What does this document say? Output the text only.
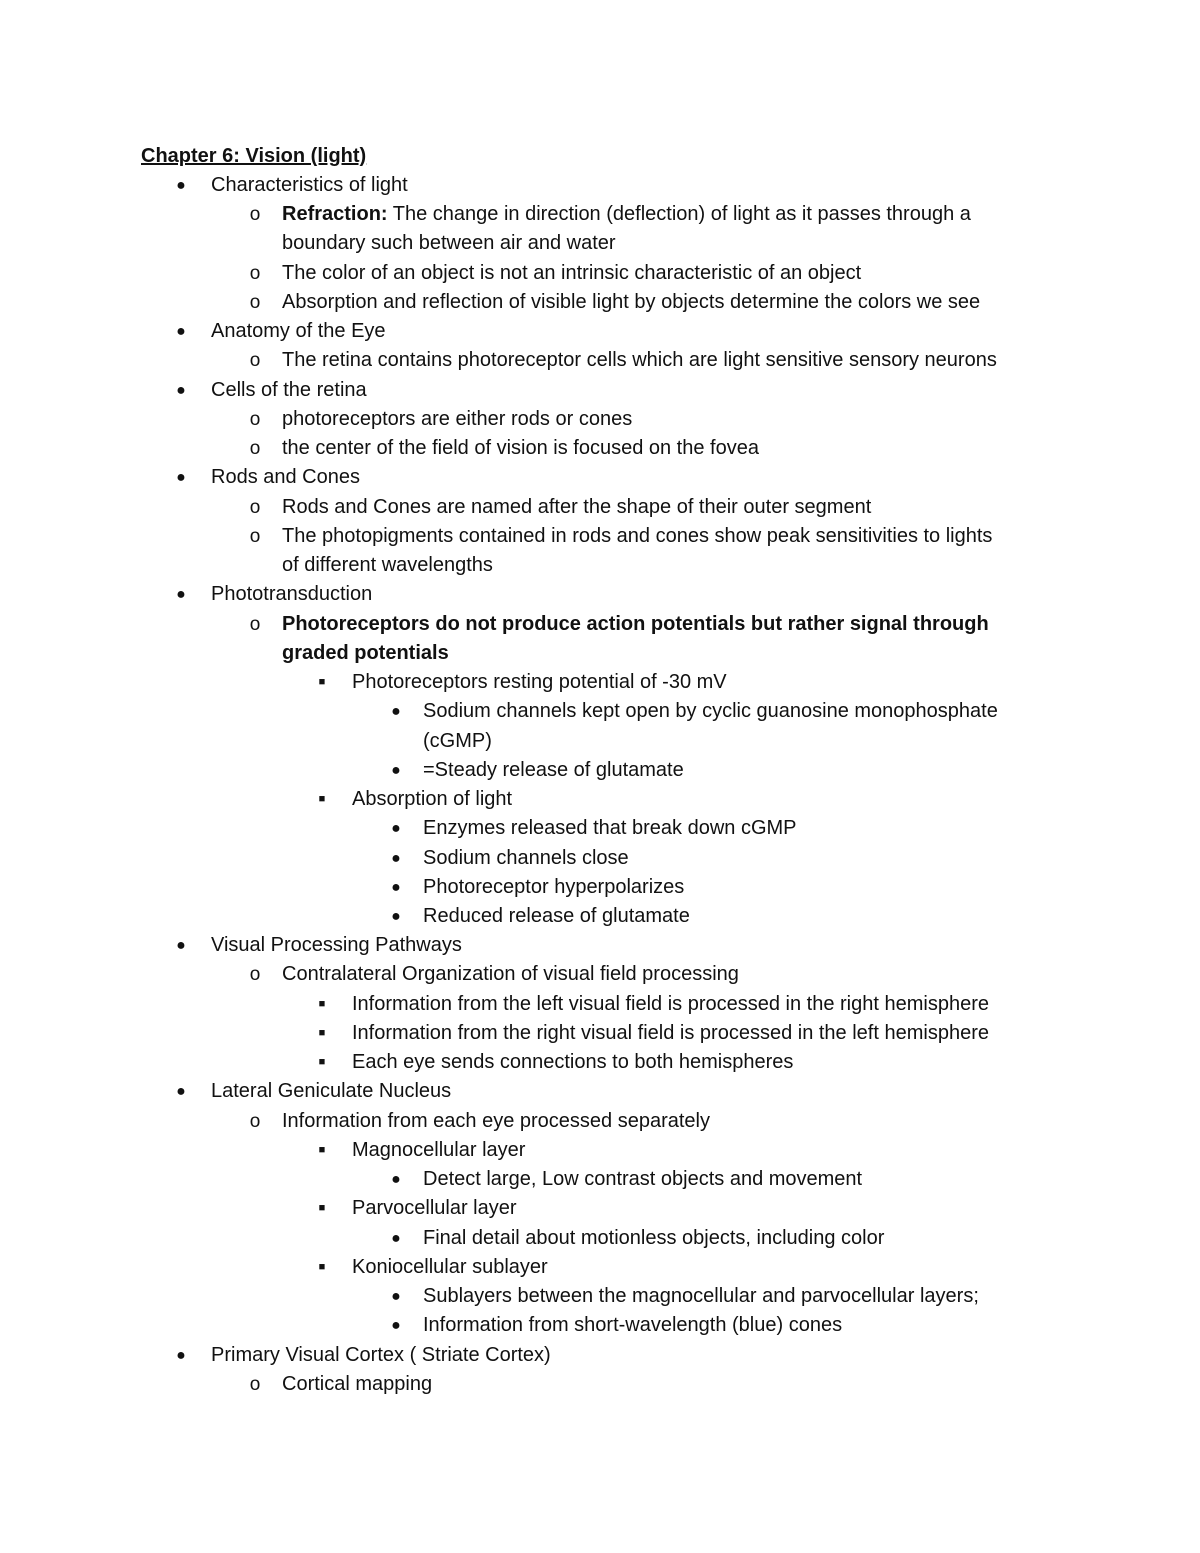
Chapter 6: Vision (light)
● Characteristics of light
o Refraction: The change in direction (deflection) of light as it passes through a
boundary such between air and water
o The color of an object is not an intrinsic characteristic of an object
o Absorption and reflection of visible light by objects determine the colors we see
● Anatomy of the Eye
o The retina contains photoreceptor cells which are light sensitive sensory neurons
● Cells of the retina
o photoreceptors are either rods or cones
o the center of the field of vision is focused on the fovea
● Rods and Cones
o Rods and Cones are named after the shape of their outer segment
o The photopigments contained in rods and cones show peak sensitivities to lights
of different wavelengths
● Phototransduction
o Photoreceptors do not produce action potentials but rather signal through
graded potentials
■	Photoreceptors resting potential of -30 mV
● Sodium channels kept open by cyclic guanosine monophosphate
(cGMP)
● =Steady release of glutamate
■	Absorption of light
● Enzymes released that break down cGMP
● Sodium channels close
● Photoreceptor hyperpolarizes
● Reduced release of glutamate
● Visual Processing Pathways
o Contralateral Organization of visual field processing
■	Information from the left visual field is processed in the right hemisphere
■	Information from the right visual field is processed in the left hemisphere
■	Each eye sends connections to both hemispheres
● Lateral Geniculate Nucleus
o Information from each eye processed separately
■	Magnocellular layer
● Detect large, Low contrast objects and movement
■	Parvocellular layer
● Final detail about motionless objects, including color
■	Koniocellular sublayer
● Sublayers between the magnocellular and parvocellular layers;
● Information from short-wavelength (blue) cones
● Primary Visual Cortex ( Striate Cortex)
o Cortical mapping
